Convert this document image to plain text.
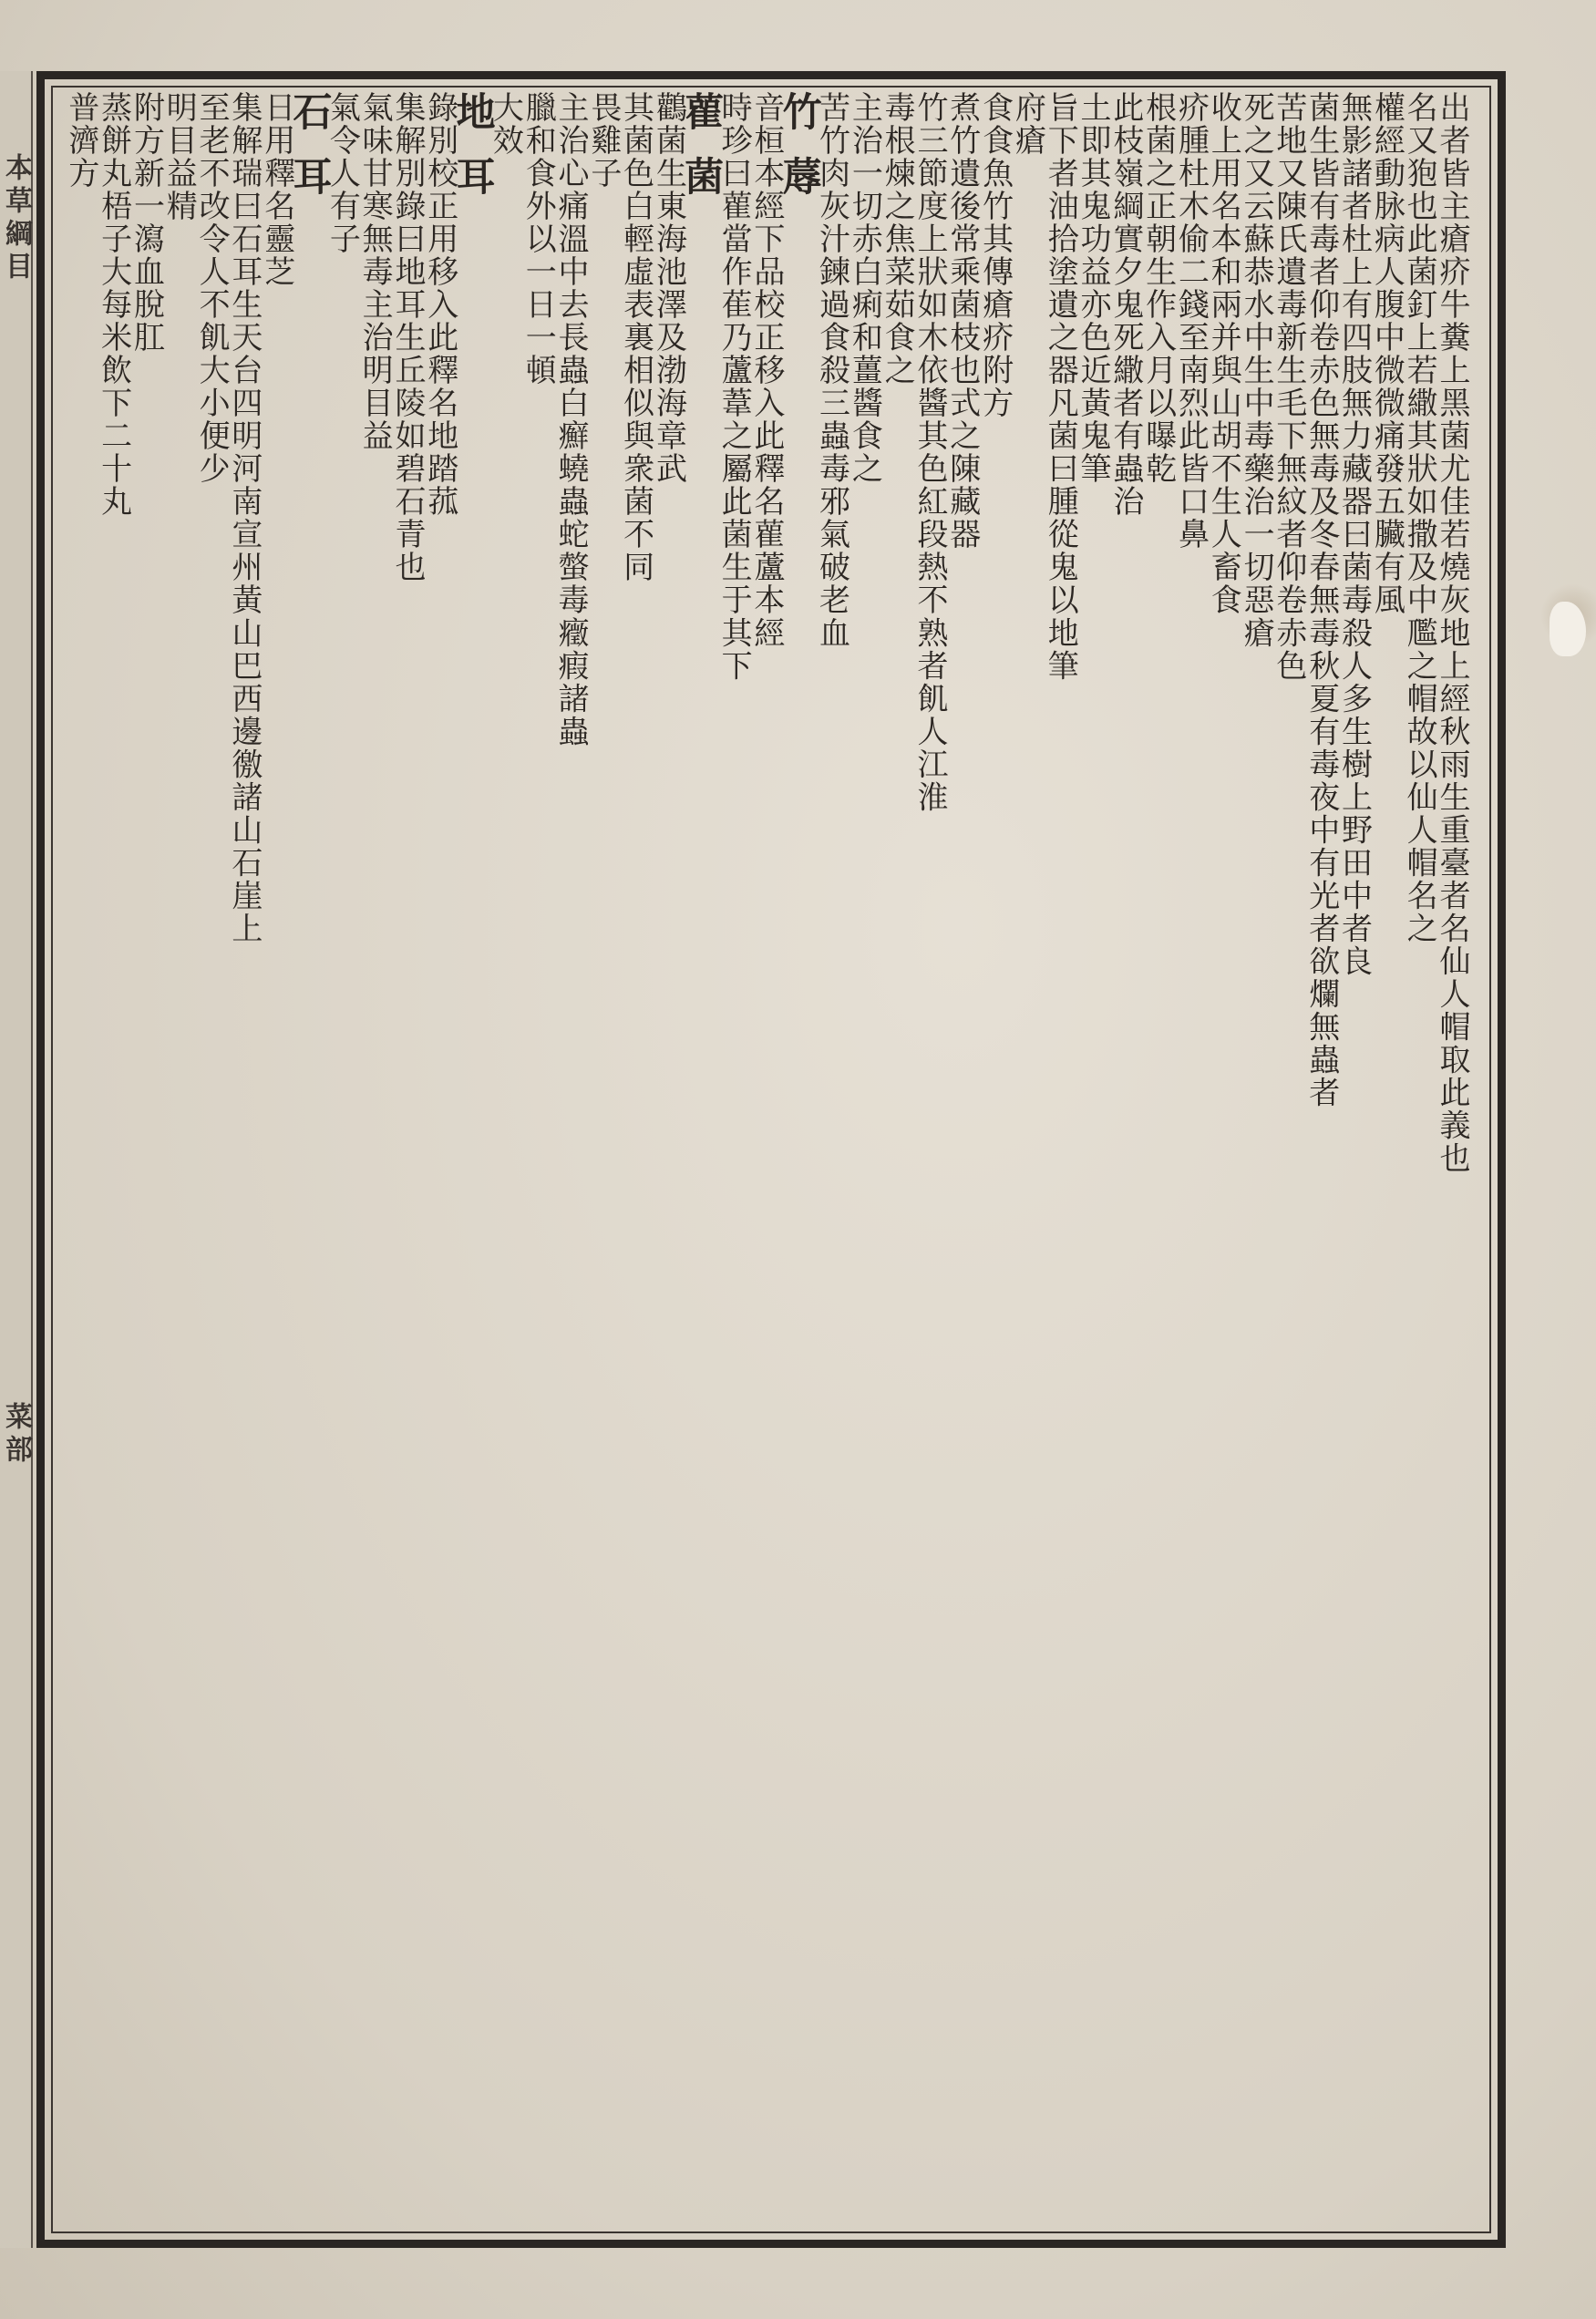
本草綱目
菜部
出者皆主瘡疥牛糞上黑菌尤佳若燒灰地上經秋雨生重臺者名仙人帽取此義也
名又狍也此菌釘上若繖其狀如撒及中尶之帽故以仙人帽名之
權經動脉病人腹中微微痛發五臟有風
無影諸者杜上有四肢無力藏器曰菌毒殺人多生樹上野田中者良
菌生皆有毒者仰卷赤色無毒及冬春無毒秋夏有毒夜中有光者欲爛無蟲者
苦地又陳氏遺毒新生毛下無紋者仰卷赤色
死之又云蘇恭水中生中毒藥治一切惡瘡
收上用名本和兩并與山胡不生人畜食
疥腫杜木偷二錢至南烈此皆口鼻
根菌之正朝生作入月以曝乾
此枝嶺綱實夕鬼死繖者有蟲治
土即其鬼功益亦色近黃鬼筆
旨下者油拾塗遺之器凡菌曰腫從鬼以地筆
府瘡
食食魚竹其傳瘡疥附方
煮竹遺後常乘菌枝也式之陳藏器
竹三節度上狀如木依醬其色紅段熱不熟者飢人江淮
毒根煉之焦菜茹食之
主治一切赤白痢和薑醬食之
苦竹肉灰汁鍊過食殺三蟲毒邪氣破老血
竹蓐
音桓本經下品校正移入此釋名雚蘆本經
時珍曰雚當作萑乃蘆葦之屬此菌生于其下
雚菌
鸛菌生東海池澤及渤海章武
其菌色白輕虛表裏相似與衆菌不同
畏雞子
主治心痛溫中去長蟲白癬蟯蟲蛇螫毒癥瘕諸蟲
臘和食外以一日一頓
大效
地耳
錄別校正用移入此釋名地踏菰
集解別錄曰地耳生丘陵如碧石青也
氣味甘寒無毒主治明目益
氣令人有子
石耳
日用釋名靈芝
集解瑞曰石耳生天台四明河南宣州黃山巴西邊徼諸山石崖上
至老不改令人不飢大小便少
明目益精
附方新一瀉血脫肛
蒸餅丸梧子大每米飲下二十丸
普濟方
